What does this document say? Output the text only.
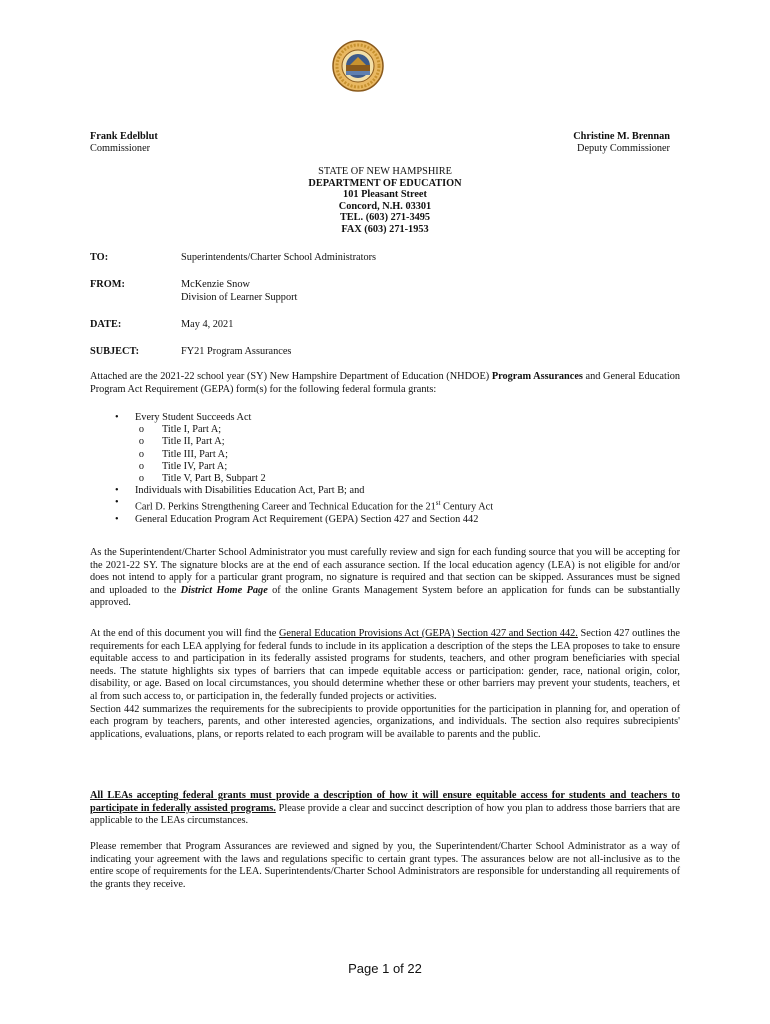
Frank Edelblut
Commissioner
Christine M. Brennan
Deputy Commissioner
STATE OF NEW HAMPSHIRE
DEPARTMENT OF EDUCATION
101 Pleasant Street
Concord, N.H. 03301
TEL. (603) 271-3495
FAX (603) 271-1953
TO:	Superintendents/Charter School Administrators
FROM:	McKenzie Snow
Division of Learner Support
DATE:	May 4, 2021
SUBJECT:	FY21 Program Assurances

Attached are the 2021-22 school year (SY) New Hampshire Department of Education (NHDOE) Program Assurances and General Education Program Act Requirement (GEPA) form(s) for the following federal formula grants:

•	Every Student Succeeds Act
o	Title I, Part A;
o	Title II, Part A;
o	Title III, Part A;
o	Title IV, Part A;
o	Title V, Part B, Subpart 2
•	Individuals with Disabilities Education Act, Part B; and
•	Carl D. Perkins Strengthening Career and Technical Education for the 21st Century Act
•	General Education Program Act Requirement (GEPA) Section 427 and Section 442

As the Superintendent/Charter School Administrator you must carefully review and sign for each funding source that you will be accepting for the 2021-22 SY. The signature blocks are at the end of each assurance section. If the local education agency (LEA) is not eligible for and/or does not intend to apply for a particular grant program, no signature is required and that section can be skipped. Assurances must be signed and uploaded to the District Home Page of the online Grants Management System before an application for funds can be substantially approved.

At the end of this document you will find the General Education Provisions Act (GEPA) Section 427 and Section 442. Section 427 outlines the requirements for each LEA applying for federal funds to include in its application a description of the steps the LEA proposes to take to ensure equitable access to and participation in its federally assisted programs for students, teachers, and other program beneficiaries with special needs. The statute highlights six types of barriers that can impede equitable access or participation: gender, race, national origin, color, disability, or age. Based on local circumstances, you should determine whether these or other barriers may prevent your students, teachers, et al from such access to, or participation in, the federally funded projects or activities.

Section 442 summarizes the requirements for the subrecipients to provide opportunities for the participation in planning for, and operation of each program by teachers, parents, and other interested agencies, organizations, and individuals. The section also requires subrecipients' applications, evaluations, plans, or reports related to each program will be available to parents and the public.

All LEAs accepting federal grants must provide a description of how it will ensure equitable access for students and teachers to participate in federally assisted programs. Please provide a clear and succinct description of how you plan to address those barriers that are applicable to the LEAs circumstances.

Please remember that Program Assurances are reviewed and signed by you, the Superintendent/Charter School Administrator as a way of indicating your agreement with the laws and regulations specific to certain grant types. The assurances below are not all-inclusive as to the entire scope of requirements for the LEA. Superintendents/Charter School Administrators are responsible for understanding all requirements of the grants they receive.

Page 1 of 22
